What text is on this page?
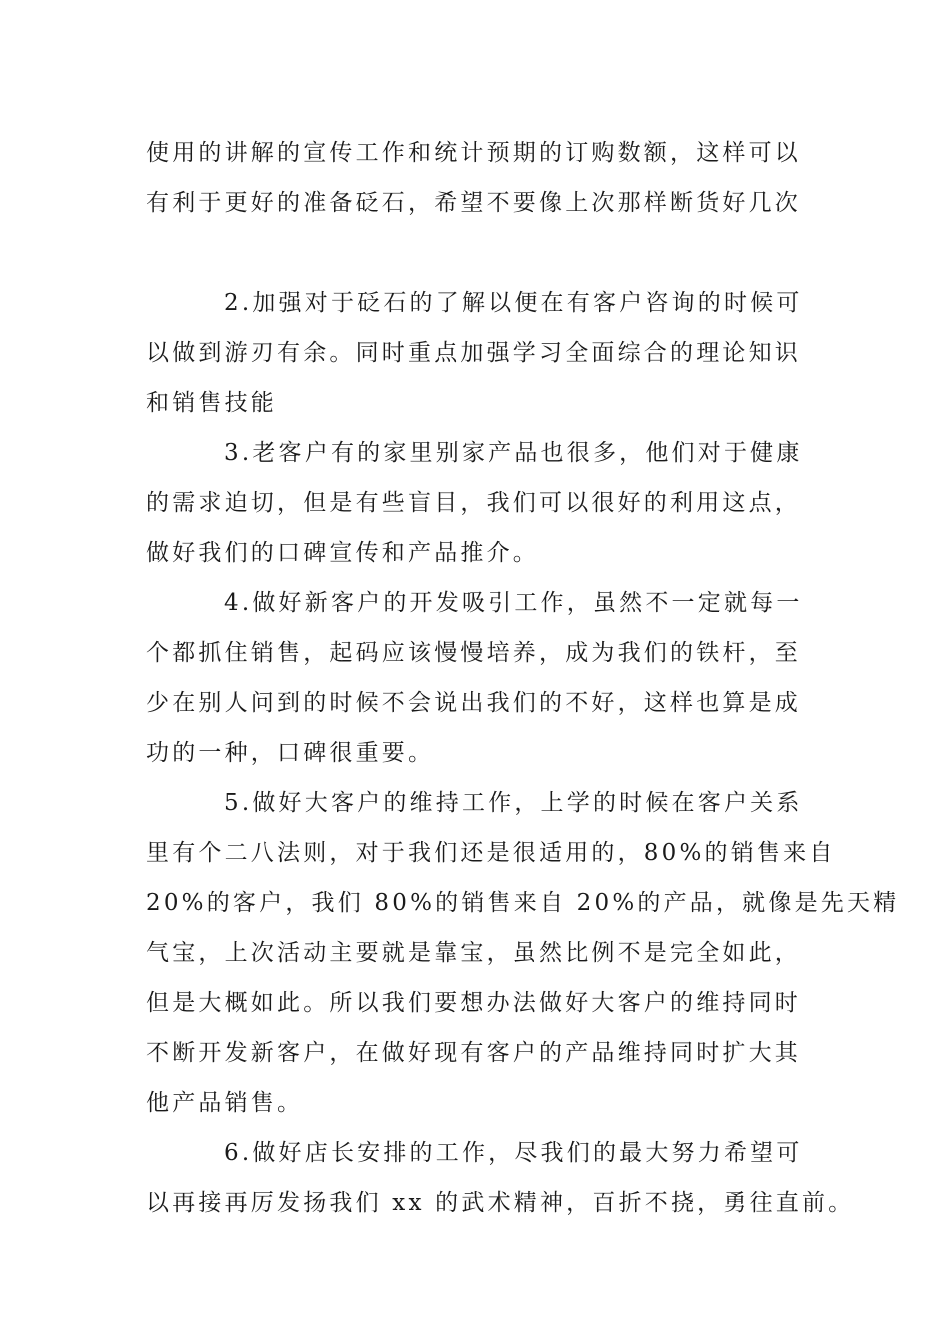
使用的讲解的宣传工作和统计预期的订购数额，这样可以
有利于更好的准备砭石，希望不要像上次那样断货好几次
2.加强对于砭石的了解以便在有客户咨询的时候可
以做到游刃有余。同时重点加强学习全面综合的理论知识
和销售技能
3.老客户有的家里别家产品也很多，他们对于健康
的需求迫切，但是有些盲目，我们可以很好的利用这点，
做好我们的口碑宣传和产品推介。
4.做好新客户的开发吸引工作，虽然不一定就每一
个都抓住销售，起码应该慢慢培养，成为我们的铁杆，至
少在别人问到的时候不会说出我们的不好，这样也算是成
功的一种，口碑很重要。
5.做好大客户的维持工作，上学的时候在客户关系
里有个二八法则，对于我们还是很适用的，80%的销售来自
20%的客户，我们 80%的销售来自 20%的产品，就像是先天精
气宝，上次活动主要就是靠宝，虽然比例不是完全如此，
但是大概如此。所以我们要想办法做好大客户的维持同时
不断开发新客户，在做好现有客户的产品维持同时扩大其
他产品销售。
6.做好店长安排的工作，尽我们的最大努力希望可
以再接再厉发扬我们 xx 的武术精神，百折不挠，勇往直前。
